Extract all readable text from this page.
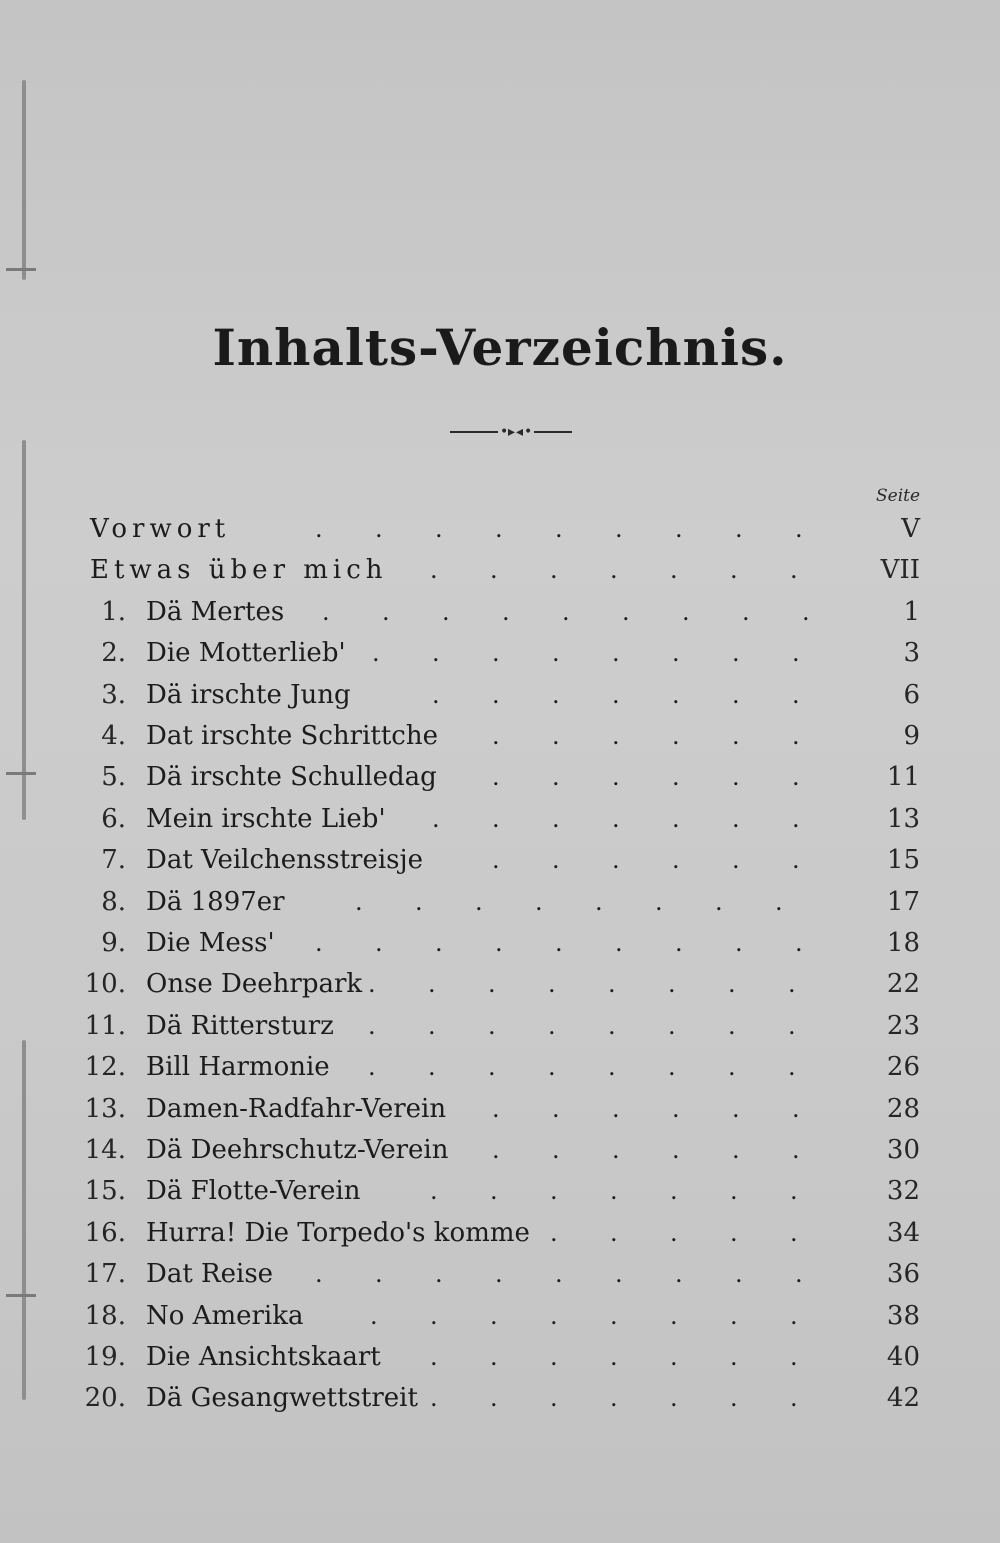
Inhalts-Verzeichnis.
• ▸ ◂ •
Seite
Vorwort	. . . . . . . . .	V
Etwas über mich . . . . . . .	VII
1. Dä Mertes . . . . . . . . .	1
2. Die Motterlieb' . . . . . . . .	3
3. Dä irschte Jung	. . . . . . .	6
4. Dat irschte Schrittche . . . . . .	9
5. Dä irschte Schulledag . . . . . .	11
6. Mein irschte Lieb' . . . . . . .	13
7. Dat Veilchensstreisje	. . . . . .	15
8. Dä 1897er	. . . . . . . .	17
9. Die Mess' . . . . . . . . .	18
10. Onse Deehrpark . . . . . . . .	22
11. Dä Rittersturz . . . . . . . .	23
12. Bill Harmonie . . . . . . . .	26
13. Damen-Radfahr-Verein . . . . . .	28
14. Dä Deehrschutz-Verein . . . . . .	30
15. Dä Flotte-Verein	. . . . . . .	32
16. Hurra! Die Torpedo's komme . . . . .	34
17. Dat Reise . . . . . . . . .	36
18. No Amerika	. . . . . . . .	38
19. Die Ansichtskaart . . . . . . .	40
20. Dä Gesangwettstreit . . . . . . .	42
